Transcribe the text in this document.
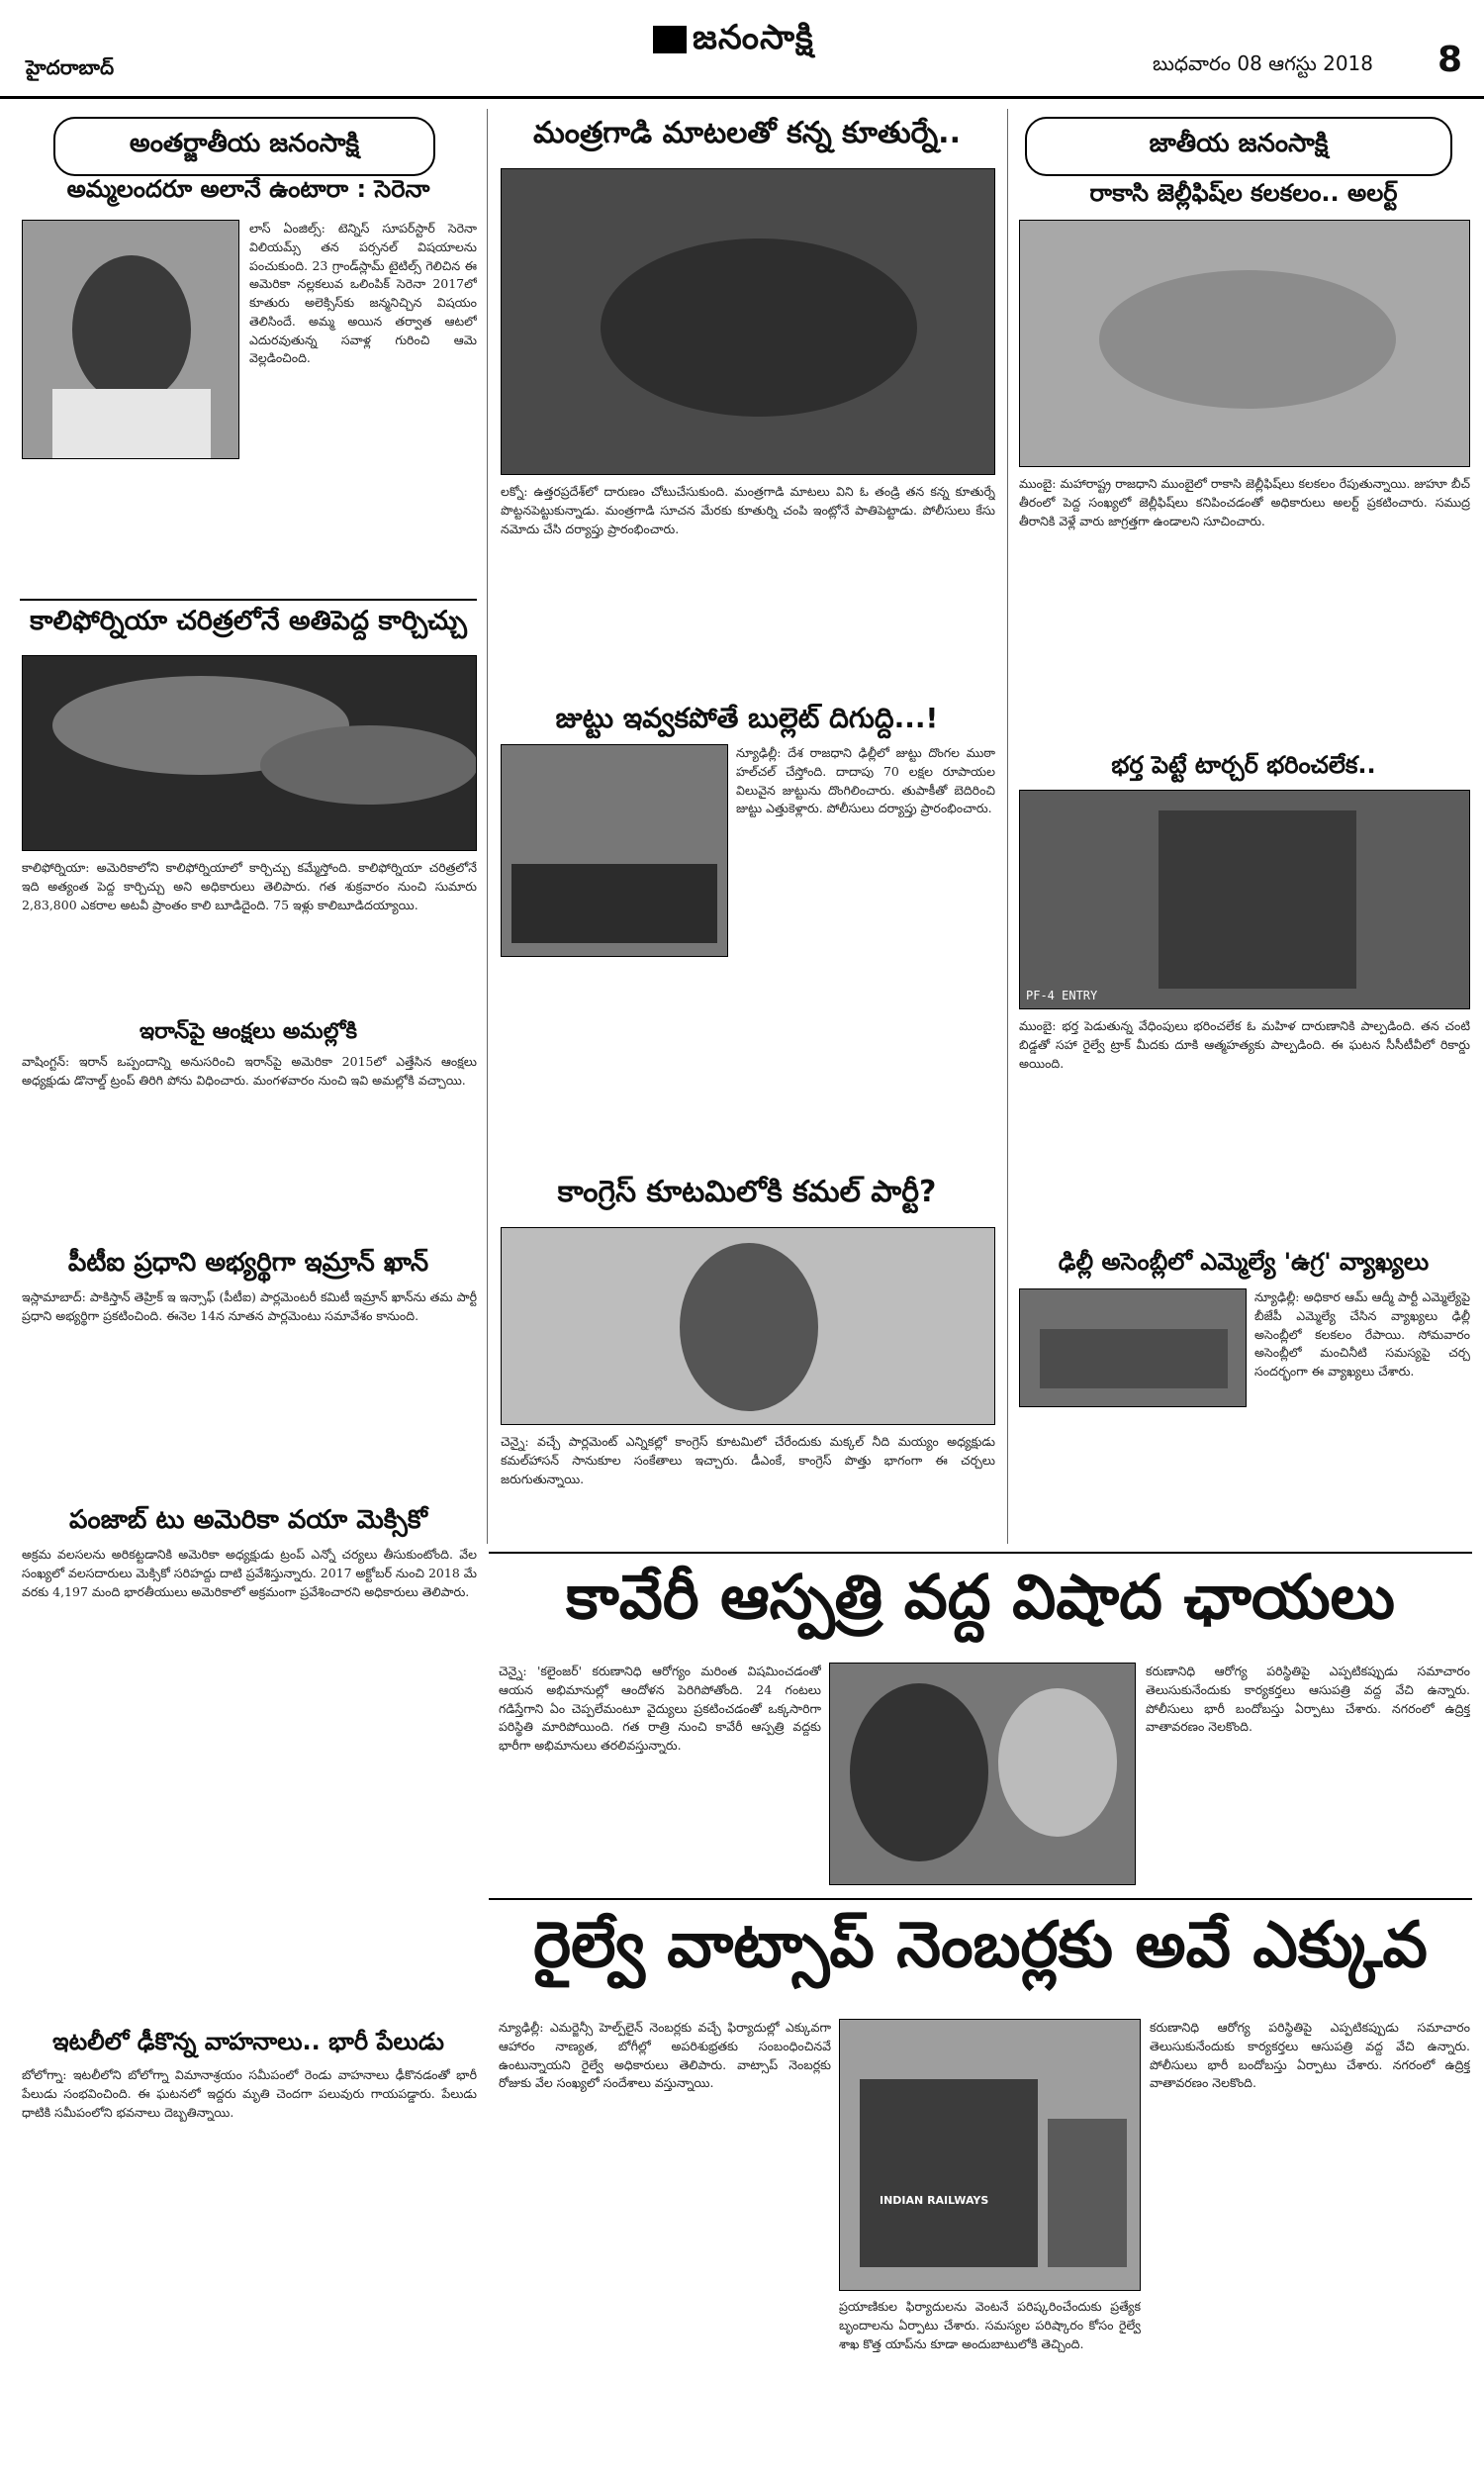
హైదరాబాద్
జనంసాక్షి
బుధవారం 08 ఆగస్టు 2018 8
అంతర్జాతీయ జనంసాక్షి
అమ్మలందరూ అలానే ఉంటారా : సెరెనా
లాస్ ఏంజిల్స్: టెన్నిస్ సూపర్‌స్టార్ సెరెనా విలియమ్స్ తన పర్సనల్ విషయాలను పంచుకుంది. 23 గ్రాండ్‌స్లామ్ టైటిల్స్ గెలిచిన ఈ అమెరికా నల్లకలువ ఒలింపిక్ సెరెనా 2017లో కూతురు అలెక్సిస్‌కు జన్మనిచ్చిన విషయం తెలిసిందే. అమ్మ అయిన తర్వాత ఆటలో ఎదురవుతున్న సవాళ్ల గురించి ఆమె వెల్లడించింది.
కాలిఫోర్నియా చరిత్రలోనే అతిపెద్ద కార్చిచ్చు
కాలిఫోర్నియా: అమెరికాలోని కాలిఫోర్నియాలో కార్చిచ్చు కమ్మేస్తోంది. కాలిఫోర్నియా చరిత్రలోనే ఇది అత్యంత పెద్ద కార్చిచ్చు అని అధికారులు తెలిపారు. గత శుక్రవారం నుంచి సుమారు 2,83,800 ఎకరాల అటవీ ప్రాంతం కాలి బూడిదైంది. 75 ఇళ్లు కాలిబూడిదయ్యాయి.
ఇరాన్‌పై ఆంక్షలు అమల్లోకి
వాషింగ్టన్: ఇరాన్ ఒప్పందాన్ని అనుసరించి ఇరాన్‌పై అమెరికా 2015లో ఎత్తేసిన ఆంక్షలు అధ్యక్షుడు డొనాల్డ్ ట్రంప్ తిరిగి పోను విధించారు. మంగళవారం నుంచి ఇవి అమల్లోకి వచ్చాయి.
పీటీఐ ప్రధాని అభ్యర్థిగా ఇమ్రాన్ ఖాన్
ఇస్లామాబాద్: పాకిస్తాన్ తెహ్రిక్ ఇ ఇన్సాఫ్ (పీటీఐ) పార్లమెంటరీ కమిటీ ఇమ్రాన్ ఖాన్‌ను తమ పార్టీ ప్రధాని అభ్యర్థిగా ప్రకటించింది. ఈనెల 14న నూతన పార్లమెంటు సమావేశం కానుంది.
పంజాబ్ టు అమెరికా వయా మెక్సికో
అక్రమ వలసలను అరికట్టడానికి అమెరికా అధ్యక్షుడు ట్రంప్ ఎన్నో చర్యలు తీసుకుంటోంది. వేల సంఖ్యలో వలసదారులు మెక్సికో సరిహద్దు దాటి ప్రవేశిస్తున్నారు. 2017 అక్టోబర్ నుంచి 2018 మే వరకు 4,197 మంది భారతీయులు అమెరికాలో అక్రమంగా ప్రవేశించారని అధికారులు తెలిపారు.
ఇటలీలో ఢీకొన్న వాహనాలు.. భారీ పేలుడు
బోలోగ్నా: ఇటలీలోని బోలోగ్నా విమానాశ్రయం సమీపంలో రెండు వాహనాలు ఢీకొనడంతో భారీ పేలుడు సంభవించింది. ఈ ఘటనలో ఇద్దరు మృతి చెందగా పలువురు గాయపడ్డారు. పేలుడు ధాటికి సమీపంలోని భవనాలు దెబ్బతిన్నాయి.
మంత్రగాడి మాటలతో కన్న కూతుర్నే..
లక్నో: ఉత్తరప్రదేశ్‌లో దారుణం చోటుచేసుకుంది. మంత్రగాడి మాటలు విని ఓ తండ్రి తన కన్న కూతుర్నే పొట్టనపెట్టుకున్నాడు. మంత్రగాడి సూచన మేరకు కూతుర్ని చంపి ఇంట్లోనే పాతిపెట్టాడు. పోలీసులు కేసు నమోదు చేసి దర్యాప్తు ప్రారంభించారు.
జుట్టు ఇవ్వకపోతే బుల్లెట్ దిగుద్ది...!
న్యూఢిల్లీ: దేశ రాజధాని ఢిల్లీలో జుట్టు దొంగల ముఠా హల్‌చల్ చేస్తోంది. దాదాపు 70 లక్షల రూపాయల విలువైన జుట్టును దొంగిలించారు. తుపాకీతో బెదిరించి జుట్టు ఎత్తుకెళ్లారు. పోలీసులు దర్యాప్తు ప్రారంభించారు.
కాంగ్రెస్ కూటమిలోకి కమల్ పార్టీ?
చెన్నై: వచ్చే పార్లమెంట్ ఎన్నికల్లో కాంగ్రెస్ కూటమిలో చేరేందుకు మక్కల్ నీది మయ్యం అధ్యక్షుడు కమల్‌హాసన్ సానుకూల సంకేతాలు ఇచ్చారు. డీఎంకే, కాంగ్రెస్ పొత్తు భాగంగా ఈ చర్చలు జరుగుతున్నాయి.
జాతీయ జనంసాక్షి
రాకాసి జెల్లీఫిష్‌ల కలకలం.. అలర్ట్
ముంబై: మహారాష్ట్ర రాజధాని ముంబైలో రాకాసి జెల్లీఫిష్‌లు కలకలం రేపుతున్నాయి. జుహూ బీచ్ తీరంలో పెద్ద సంఖ్యలో జెల్లీఫిష్‌లు కనిపించడంతో అధికారులు అలర్ట్ ప్రకటించారు. సముద్ర తీరానికి వెళ్లే వారు జాగ్రత్తగా ఉండాలని సూచించారు.
భర్త పెట్టే టార్చర్ భరించలేక..
PF-4 ENTRY
ముంబై: భర్త పెడుతున్న వేధింపులు భరించలేక ఓ మహిళ దారుణానికి పాల్పడింది. తన చంటి బిడ్డతో సహా రైల్వే ట్రాక్ మీదకు దూకి ఆత్మహత్యకు పాల్పడింది. ఈ ఘటన సీసీటీవీలో రికార్డు అయింది.
ఢిల్లీ అసెంబ్లీలో ఎమ్మెల్యే 'ఉగ్ర' వ్యాఖ్యలు
న్యూఢిల్లీ: అధికార ఆమ్ ఆద్మీ పార్టీ ఎమ్మెల్యేపై బీజేపీ ఎమ్మెల్యే చేసిన వ్యాఖ్యలు ఢిల్లీ అసెంబ్లీలో కలకలం రేపాయి. సోమవారం అసెంబ్లీలో మంచినీటి సమస్యపై చర్చ సందర్భంగా ఈ వ్యాఖ్యలు చేశారు.
కావేరీ ఆస్పత్రి వద్ద విషాద ఛాయలు
చెన్నై: 'కలైంజర్' కరుణానిధి ఆరోగ్యం మరింత విషమించడంతో ఆయన అభిమానుల్లో ఆందోళన పెరిగిపోతోంది. 24 గంటలు గడిస్తేగాని ఏం చెప్పలేమంటూ వైద్యులు ప్రకటించడంతో ఒక్కసారిగా పరిస్థితి మారిపోయింది. గత రాత్రి నుంచి కావేరీ ఆస్పత్రి వద్దకు భారీగా అభిమానులు తరలివస్తున్నారు.
కరుణానిధి ఆరోగ్య పరిస్థితిపై ఎప్పటికప్పుడు సమాచారం తెలుసుకునేందుకు కార్యకర్తలు ఆసుపత్రి వద్ద వేచి ఉన్నారు. పోలీసులు భారీ బందోబస్తు ఏర్పాటు చేశారు. నగరంలో ఉద్రిక్త వాతావరణం నెలకొంది.
రైల్వే వాట్సాప్ నెంబర్లకు అవే ఎక్కువ
న్యూఢిల్లీ: ఎమర్జెన్సీ హెల్ప్‌లైన్ నెంబర్లకు వచ్చే ఫిర్యాదుల్లో ఎక్కువగా ఆహారం నాణ్యత, బోగీల్లో అపరిశుభ్రతకు సంబంధించినవే ఉంటున్నాయని రైల్వే అధికారులు తెలిపారు. వాట్సాప్ నెంబర్లకు రోజుకు వేల సంఖ్యలో సందేశాలు వస్తున్నాయి.
INDIAN RAILWAYS
ప్రయాణికుల ఫిర్యాదులను వెంటనే పరిష్కరించేందుకు ప్రత్యేక బృందాలను ఏర్పాటు చేశారు. సమస్యల పరిష్కారం కోసం రైల్వే శాఖ కొత్త యాప్‌ను కూడా అందుబాటులోకి తెచ్చింది.
కరుణానిధి ఆరోగ్య పరిస్థితిపై ఎప్పటికప్పుడు సమాచారం తెలుసుకునేందుకు కార్యకర్తలు ఆసుపత్రి వద్ద వేచి ఉన్నారు. పోలీసులు భారీ బందోబస్తు ఏర్పాటు చేశారు. నగరంలో ఉద్రిక్త వాతావరణం నెలకొంది.
